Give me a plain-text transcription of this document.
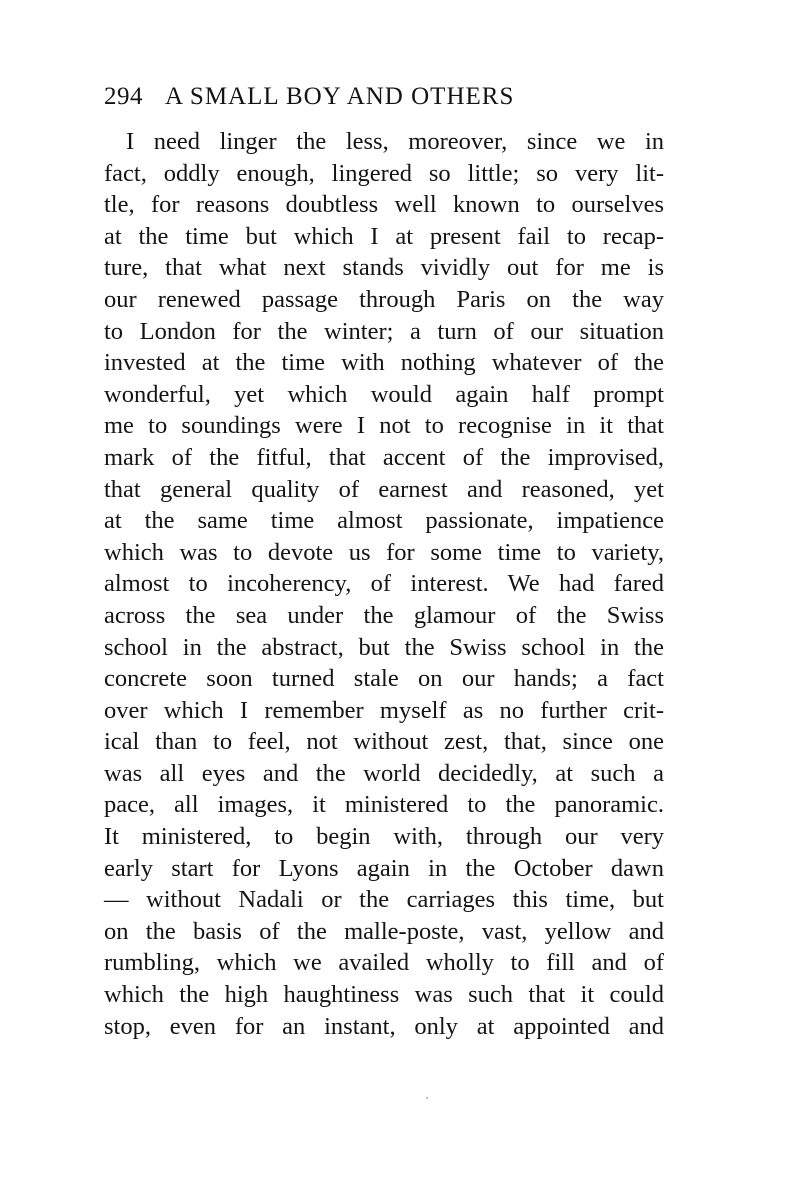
294 A SMALL BOY AND OTHERS
I need linger the less, moreover, since we in
fact, oddly enough, lingered so little; so very lit-
tle, for reasons doubtless well known to ourselves
at the time but which I at present fail to recap-
ture, that what next stands vividly out for me is
our renewed passage through Paris on the way
to London for the winter; a turn of our situation
invested at the time with nothing whatever of the
wonderful, yet which would again half prompt
me to soundings were I not to recognise in it that
mark of the fitful, that accent of the improvised,
that general quality of earnest and reasoned, yet
at the same time almost passionate, impatience
which was to devote us for some time to variety,
almost to incoherency, of interest. We had fared
across the sea under the glamour of the Swiss
school in the abstract, but the Swiss school in the
concrete soon turned stale on our hands; a fact
over which I remember myself as no further crit-
ical than to feel, not without zest, that, since one
was all eyes and the world decidedly, at such a
pace, all images, it ministered to the panoramic.
It ministered, to begin with, through our very
early start for Lyons again in the October dawn
— without Nadali or the carriages this time, but
on the basis of the malle-poste, vast, yellow and
rumbling, which we availed wholly to fill and of
which the high haughtiness was such that it could
stop, even for an instant, only at appointed and
